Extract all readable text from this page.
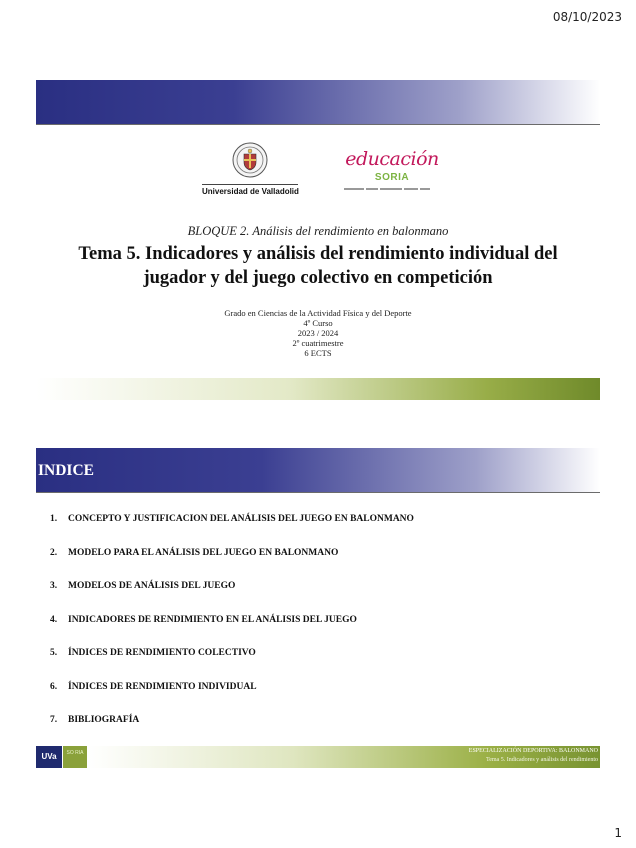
08/10/2023
Universidad de Valladolid
educación
SORIA
BLOQUE 2. Análisis del rendimiento en balonmano
Tema 5. Indicadores y análisis del rendimiento individual del jugador y del juego colectivo en competición
Grado en Ciencias de la Actividad Física y del Deporte
4º Curso
2023 / 2024
2º cuatrimestre
6 ECTS
INDICE
1. CONCEPTO Y JUSTIFICACION DEL ANÁLISIS DEL JUEGO EN BALONMANO
2. MODELO PARA EL ANÁLISIS DEL JUEGO EN BALONMANO
3. MODELOS DE ANÁLISIS DEL JUEGO
4. INDICADORES DE RENDIMIENTO EN EL ANÁLISIS DEL JUEGO
5. ÍNDICES DE RENDIMIENTO COLECTIVO
6. ÍNDICES DE RENDIMIENTO INDIVIDUAL
7. BIBLIOGRAFÍA
UVa	SO RIA	ESPECIALIZACIÓN DEPORTIVA: BALONMANO
Tema 5. Indicadores y análisis del rendimiento
1
